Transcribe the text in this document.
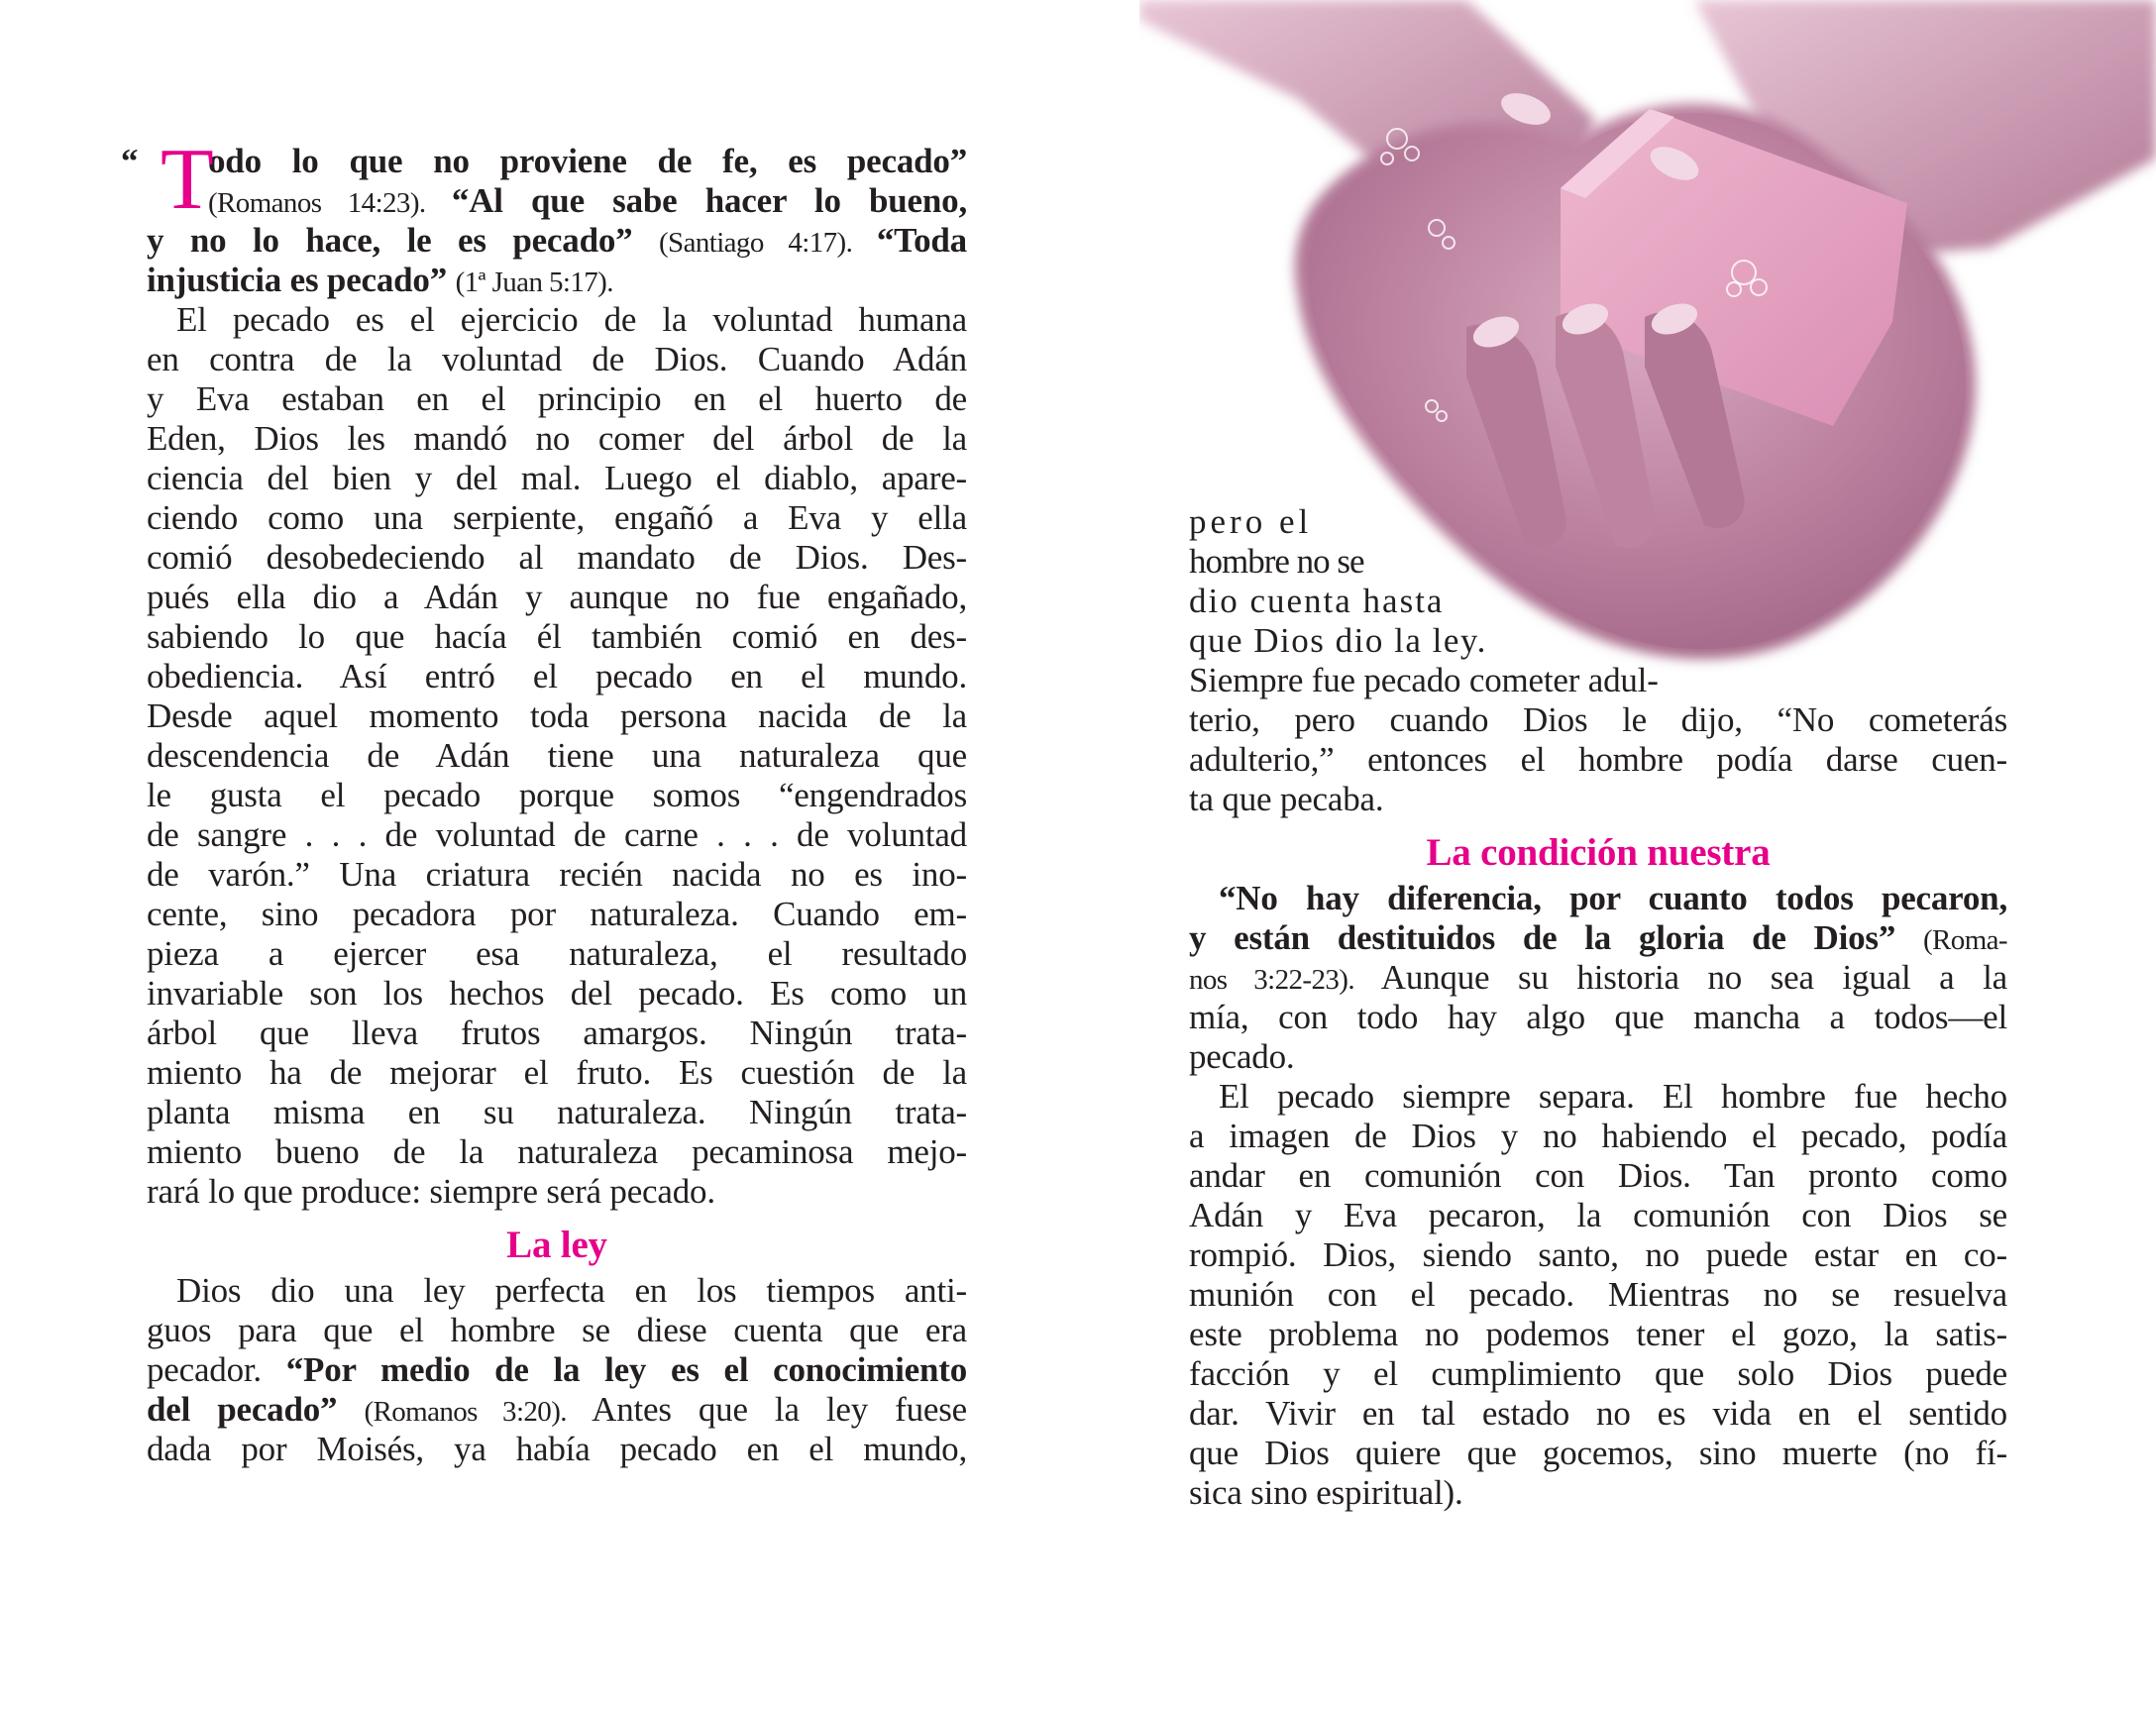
“ T
odo lo que no proviene de fe, es pecado”
(Romanos 14:23). “Al que sabe hacer lo bueno,
y no lo hace, le es pecado” (Santiago 4:17). “Toda
injusticia es pecado” (1ª Juan 5:17).
El pecado es el ejercicio de la voluntad humana
en contra de la voluntad de Dios. Cuando Adán
y Eva estaban en el principio en el huerto de
Eden, Dios les mandó no comer del árbol de la
ciencia del bien y del mal. Luego el diablo, apare-
ciendo como una serpiente, engañó a Eva y ella
comió desobedeciendo al mandato de Dios. Des-
pués ella dio a Adán y aunque no fue engañado,
sabiendo lo que hacía él también comió en des-
obediencia. Así entró el pecado en el mundo.
Desde aquel momento toda persona nacida de la
descendencia de Adán tiene una naturaleza que
le gusta el pecado porque somos “engendrados
de sangre . . . de voluntad de carne . . . de voluntad
de varón.” Una criatura recién nacida no es ino-
cente, sino pecadora por naturaleza. Cuando em-
pieza a ejercer esa naturaleza, el resultado
invariable son los hechos del pecado. Es como un
árbol que lleva frutos amargos. Ningún trata-
miento ha de mejorar el fruto. Es cuestión de la
planta misma en su naturaleza. Ningún trata-
miento bueno de la naturaleza pecaminosa mejo-
rará lo que produce: siempre será pecado.
La ley
Dios dio una ley perfecta en los tiempos anti-
guos para que el hombre se diese cuenta que era
pecador. “Por medio de la ley es el conocimiento
del pecado” (Romanos 3:20). Antes que la ley fuese
dada por Moisés, ya había pecado en el mundo,
pero el
hombre no se
dio cuenta hasta
que Dios dio la ley.
Siempre fue pecado cometer adul-
terio, pero cuando Dios le dijo, “No cometerás
adulterio,” entonces el hombre podía darse cuen-
ta que pecaba.
La condición nuestra
“No hay diferencia, por cuanto todos pecaron,
y están destituidos de la gloria de Dios” (Roma-
nos 3:22-23). Aunque su historia no sea igual a la
mía, con todo hay algo que mancha a todos—el
pecado.
El pecado siempre separa. El hombre fue hecho
a imagen de Dios y no habiendo el pecado, podía
andar en comunión con Dios. Tan pronto como
Adán y Eva pecaron, la comunión con Dios se
rompió. Dios, siendo santo, no puede estar en co-
munión con el pecado. Mientras no se resuelva
este problema no podemos tener el gozo, la satis-
facción y el cumplimiento que solo Dios puede
dar. Vivir en tal estado no es vida en el sentido
que Dios quiere que gocemos, sino muerte (no fí-
sica sino espiritual).
